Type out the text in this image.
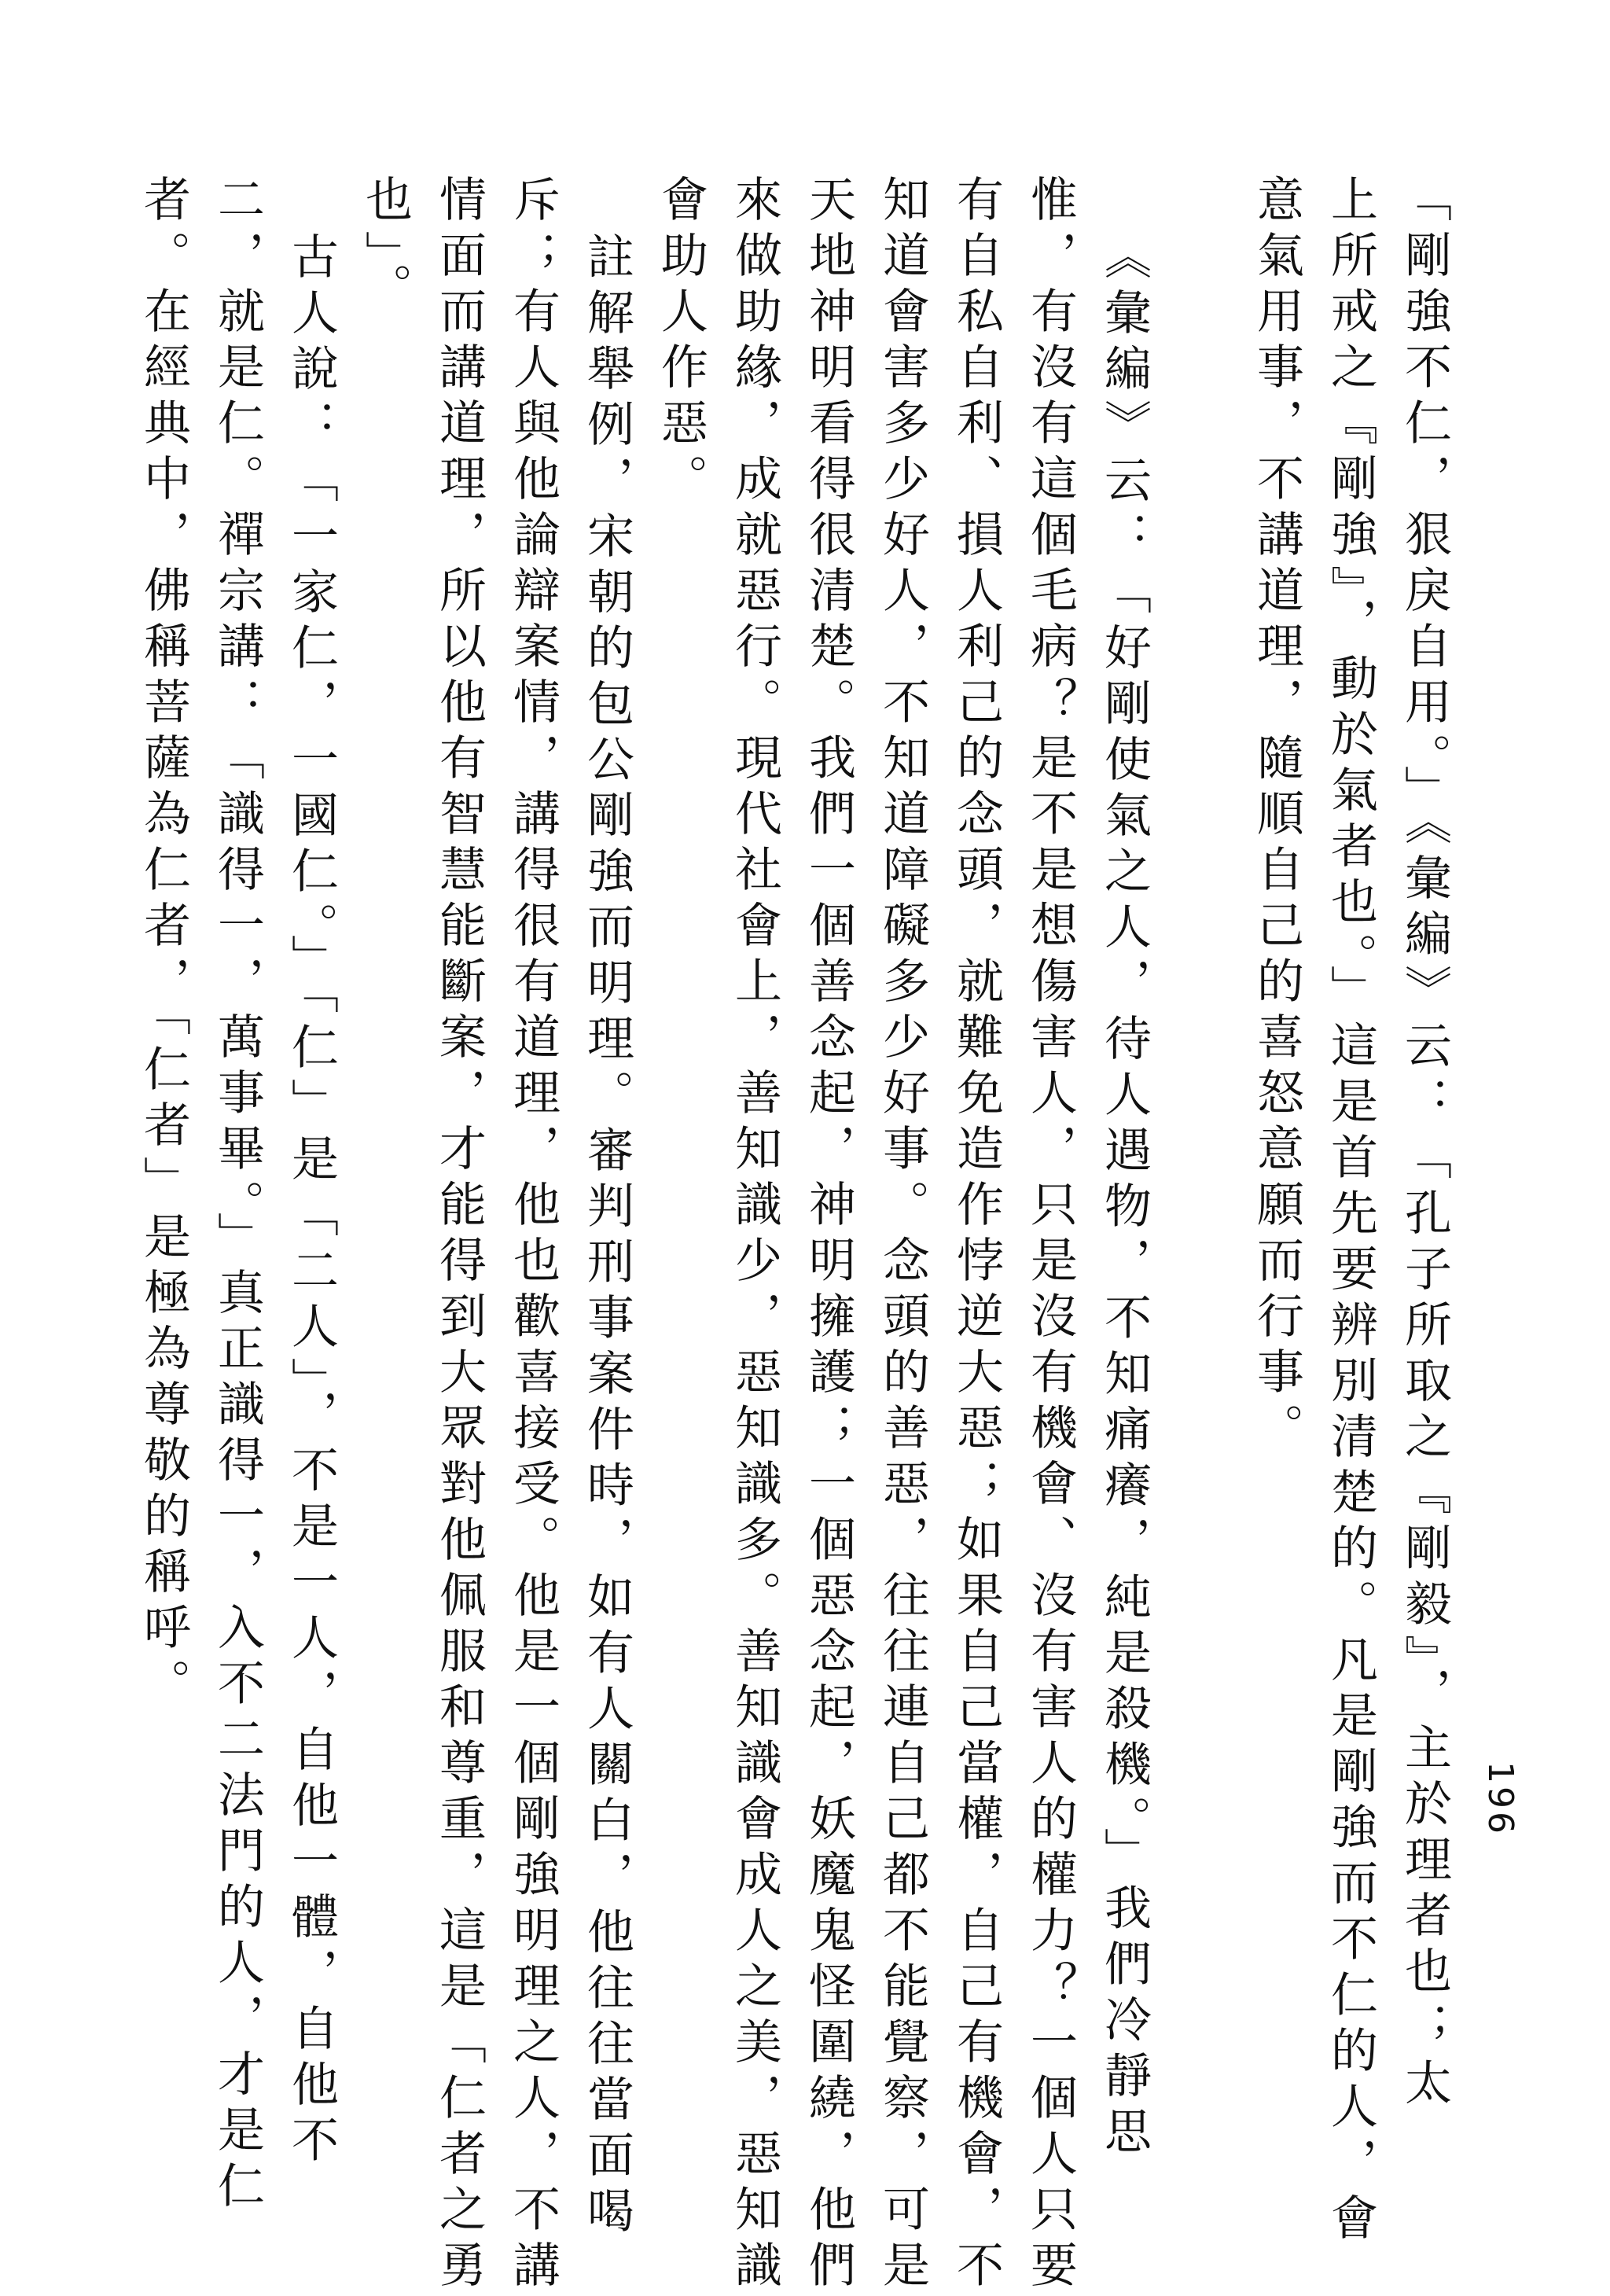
196
「剛強不仁，狠戾自用。」《彙編》云：「孔子所取之『剛毅』，主於理者也；太
上所戒之『剛強』，動於氣者也。」這是首先要辨別清楚的。凡是剛強而不仁的人，會
意氣用事，不講道理，隨順自己的喜怒意願而行事。
《彙編》云：「好剛使氣之人，待人遇物，不知痛癢，純是殺機。」我們冷靜思
惟，有沒有這個毛病？是不是想傷害人，只是沒有機會、沒有害人的權力？一個人只要
有自私自利、損人利己的念頭，就難免造作悖逆大惡；如果自己當權，自己有機會，不
知道會害多少好人，不知道障礙多少好事。念頭的善惡，往往連自己都不能覺察，可是
天地神明看得很清楚。我們一個善念起，神明擁護；一個惡念起，妖魔鬼怪圍繞，他們
來做助緣，成就惡行。現代社會上，善知識少，惡知識多。善知識會成人之美，惡知識
會助人作惡。
註解舉例，宋朝的包公剛強而明理。審判刑事案件時，如有人關白，他往往當面喝
斥；有人與他論辯案情，講得很有道理，他也歡喜接受。他是一個剛強明理之人，不講
情面而講道理，所以他有智慧能斷案，才能得到大眾對他佩服和尊重，這是「仁者之勇
也」。
古人說：「一家仁，一國仁。」「仁」是「二人」，不是一人，自他一體，自他不
二，就是仁。禪宗講：「識得一，萬事畢。」真正識得一，入不二法門的人，才是仁
者。在經典中，佛稱菩薩為仁者，「仁者」是極為尊敬的稱呼。
